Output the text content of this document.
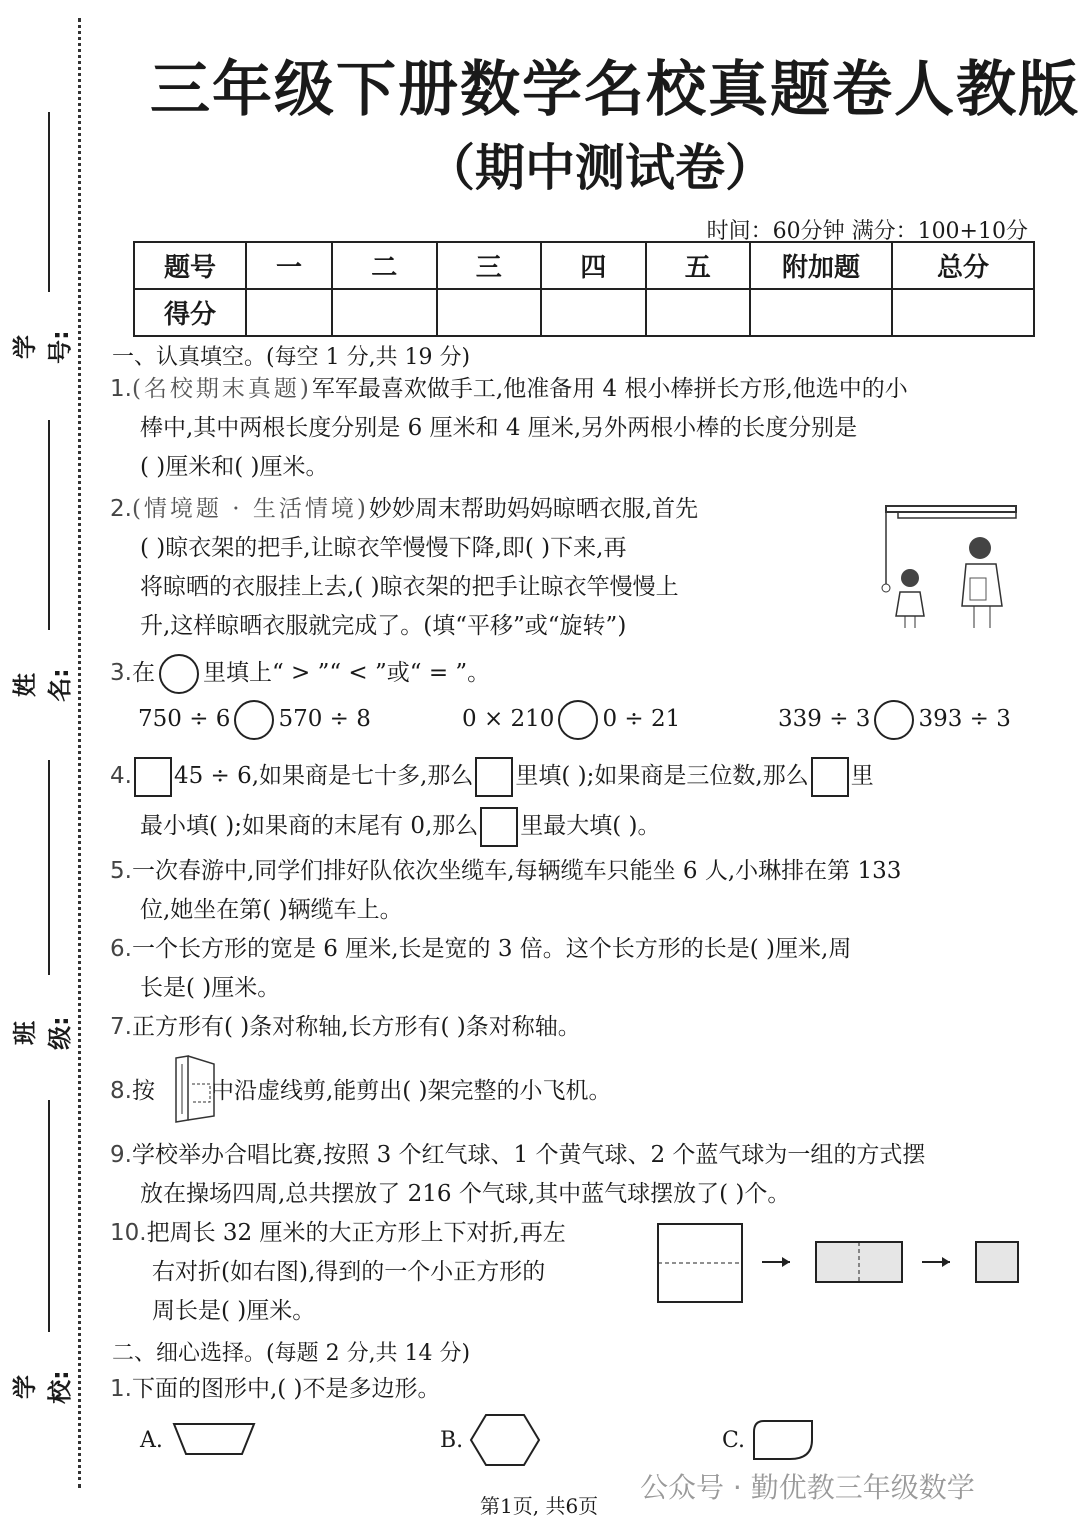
学号:
姓名:
班级:
学校:
三年级下册数学名校真题卷人教版
（期中测试卷）
时间：60分钟 满分：100+10分
题号	一	二	三	四	五	附加题	总分
得分							
一、认真填空。(每空 1 分,共 19 分)
1.(名校期末真题)军军最喜欢做手工,他准备用 4 根小棒拼长方形,他选中的小
棒中,其中两根长度分别是 6 厘米和 4 厘米,另外两根小棒的长度分别是
( )厘米和( )厘米。
2.(情境题 · 生活情境)妙妙周末帮助妈妈晾晒衣服,首先
( )晾衣架的把手,让晾衣竿慢慢下降,即( )下来,再
将晾晒的衣服挂上去,( )晾衣架的把手让晾衣竿慢慢上
升,这样晾晒衣服就完成了。(填“平移”或“旋转”)
3.在 里填上“ > ”“ < ”或“ = ”。
750 ÷ 6 570 ÷ 8	0 × 210 0 ÷ 21	339 ÷ 3 393 ÷ 3
4. 45 ÷ 6,如果商是七十多,那么 里填( );如果商是三位数,那么 里
最小填( );如果商的末尾有 0,那么 里最大填( )。
5.一次春游中,同学们排好队依次坐缆车,每辆缆车只能坐 6 人,小琳排在第 133
位,她坐在第( )辆缆车上。
6.一个长方形的宽是 6 厘米,长是宽的 3 倍。这个长方形的长是( )厘米,周
长是( )厘米。
7.正方形有( )条对称轴,长方形有( )条对称轴。
8.按 中沿虚线剪,能剪出( )架完整的小飞机。
9.学校举办合唱比赛,按照 3 个红气球、1 个黄气球、2 个蓝气球为一组的方式摆
放在操场四周,总共摆放了 216 个气球,其中蓝气球摆放了( )个。
10.把周长 32 厘米的大正方形上下对折,再左
右对折(如右图),得到的一个小正方形的
周长是( )厘米。
二、细心选择。(每题 2 分,共 14 分)
1.下面的图形中,( )不是多边形。
A.	B.	C.
公众号 · 勤优教三年级数学
第1页, 共6页
